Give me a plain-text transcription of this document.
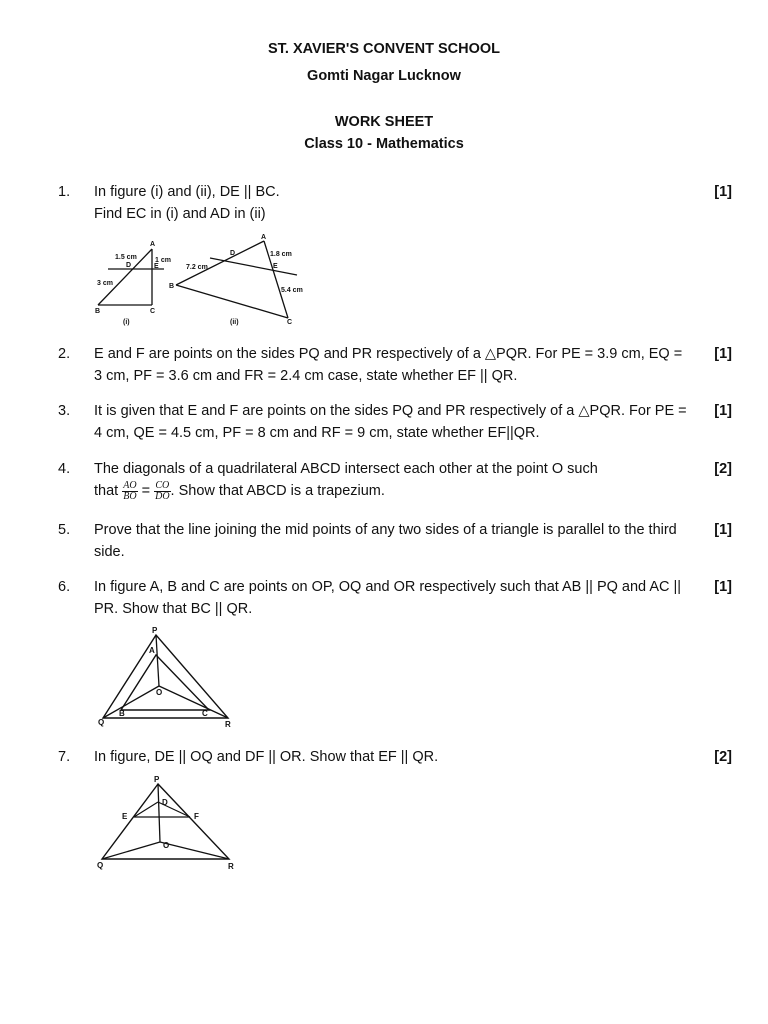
ST. XAVIER'S CONVENT SCHOOL
Gomti Nagar Lucknow
WORK SHEET
Class 10 - Mathematics
1. In figure (i) and (ii), DE || BC.
Find EC in (i) and AD in (ii)
[1]
A
1.5 cm	1 cm
D	E
3 cm
B	C
(i)
A
D	1.8 cm
7.2 cm	E
5.4 cm
B
C
(ii)
2. E and F are points on the sides PQ and PR respectively of a △PQR. For PE = 3.9 cm, EQ = 3 cm, PF = 3.6 cm and FR = 2.4 cm case, state whether EF || QR.
[1]
3. It is given that E and F are points on the sides PQ and PR respectively of a △PQR. For PE = 4 cm, QE = 4.5 cm, PF = 8 cm and RF = 9 cm, state whether EF||QR.
[1]
4. The diagonals of a quadrilateral ABCD intersect each other at the point O such
that $\frac{AO}{BO} = \frac{CO}{DO}$ . Show that ABCD is a trapezium.
[2]
5. Prove that the line joining the mid points of any two sides of a triangle is parallel to the third side.
[1]
6. In figure A, B and C are points on OP, OQ and OR respectively such that AB || PQ and AC || PR. Show that BC || QR.
[1]
P
A
O
B	C
Q	R
7. In figure, DE || OQ and DF || OR. Show that EF || QR.	[2]
P
D
E	F
O
Q	R
